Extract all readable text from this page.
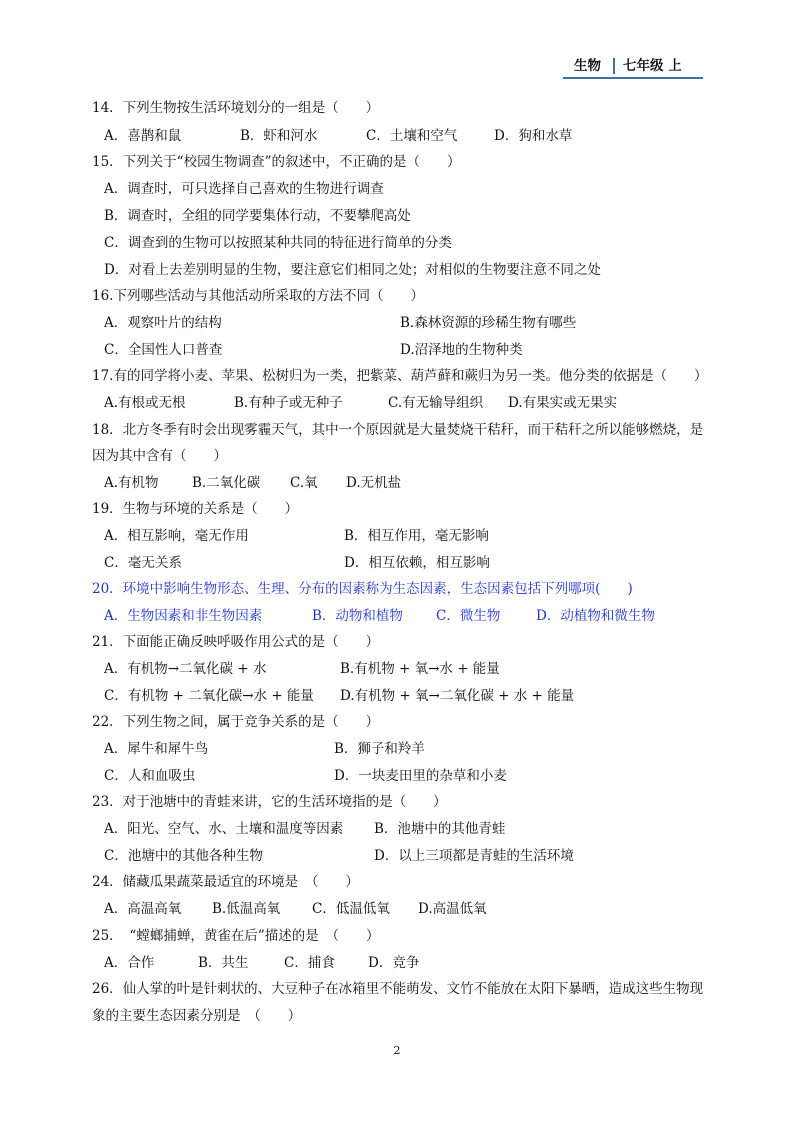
生物 七年级 上
14．下列生物按生活环境划分的一组是（　　）
A．喜鹊和鼠	B．虾和河水	C．土壤和空气	D．狗和水草
15．下列关于“校园生物调查”的叙述中，不正确的是（　　）
A．调查时，可只选择自己喜欢的生物进行调查
B．调查时，全组的同学要集体行动，不要攀爬高处
C．调查到的生物可以按照某种共同的特征进行简单的分类
D．对看上去差别明显的生物，要注意它们相同之处；对相似的生物要注意不同之处
16.下列哪些活动与其他活动所采取的方法不同（　　）
A．观察叶片的结构	B.森林资源的珍稀生物有哪些
C．全国性人口普查	D.沼泽地的生物种类
17.有的同学将小麦、苹果、松树归为一类，把紫菜、葫芦藓和蕨归为另一类。他分类的依据是（　　）
A.有根或无根	B.有种子或无种子	C.有无输导组织 D.有果实或无果实
18．北方冬季有时会出现雾霾天气，其中一个原因就是大量焚烧干秸秆，而干秸秆之所以能够燃烧，是
因为其中含有（　　）
A.有机物 B.二氧化碳 C.氧 D.无机盐
19．生物与环境的关系是（　　）
A．相互影响，毫无作用	B．相互作用，毫无影响
C．毫无关系	D．相互依赖，相互影响
20．环境中影响生物形态、生理、分布的因素称为生态因素，生态因素包括下列哪项(　　)
A．生物因素和非生物因素	B．动物和植物 C．微生物	D．动植物和微生物
21．下面能正确反映呼吸作用公式的是（　　）
A．有机物→二氧化碳 + 水	B.有机物 + 氧→水 + 能量
C．有机物 + 二氧化碳→水 + 能量 D.有机物 + 氧→二氧化碳 + 水 + 能量
22．下列生物之间，属于竞争关系的是（　　）
A．犀牛和犀牛鸟	B．狮子和羚羊
C．人和血吸虫	D．一块麦田里的杂草和小麦
23．对于池塘中的青蛙来讲，它的生活环境指的是（　　）
A．阳光、空气、水、土壤和温度等因素 B．池塘中的其他青蛙
C．池塘中的其他各种生物	D．以上三项都是青蛙的生活环境
24．储藏瓜果蔬菜最适宜的环境是　（　　）
A．高温高氧 B.低温高氧 C．低温低氧 D.高温低氧
25．　“螳螂捕蝉，黄雀在后”描述的是　（　　）
A．合作	B．共生	C．捕食 D．竞争
26．仙人掌的叶是针刺状的、大豆种子在冰箱里不能萌发、文竹不能放在太阳下暴晒，造成这些生物现
象的主要生态因素分别是　（　　）
2
